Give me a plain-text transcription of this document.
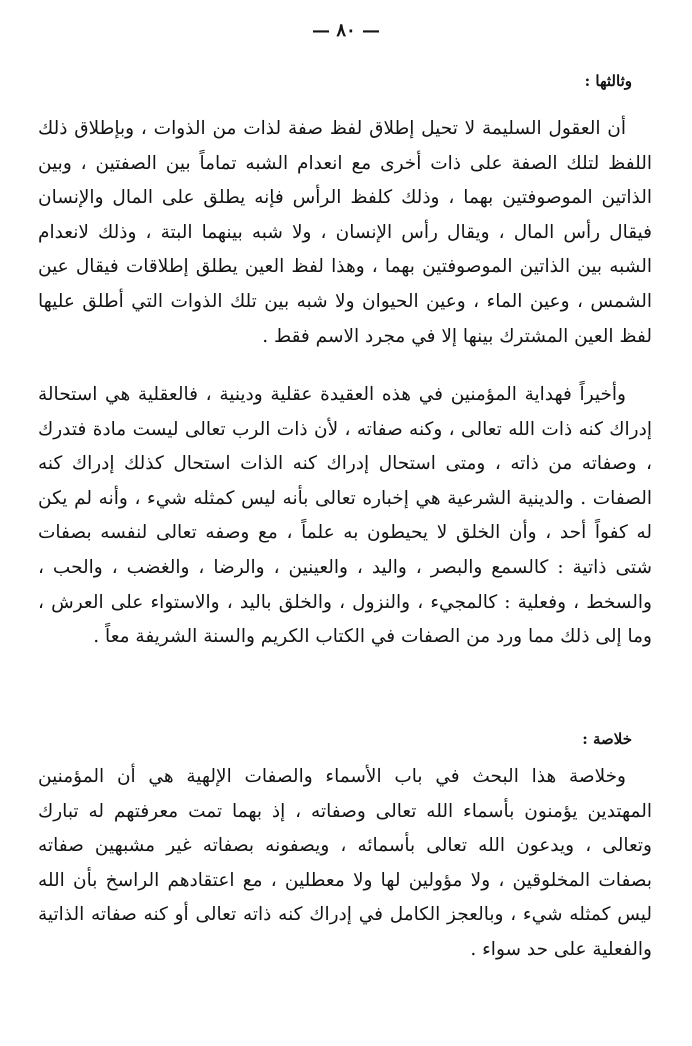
— ٨٠ —
وثالثها :

أن العقول السليمة لا تحيل إطلاق لفظ صفة لذات من الذوات ، وبإطلاق ذلك اللفظ لتلك الصفة على ذات أخرى مع انعدام الشبه تماماً بين الصفتين ، وبين الذاتين الموصوفتين بهما ، وذلك كلفظ الرأس فإنه يطلق على المال والإنسان فيقال رأس المال ، ويقال رأس الإنسان ، ولا شبه بينهما البتة ، وذلك لانعدام الشبه بين الذاتين الموصوفتين بهما ، وهذا لفظ العين يطلق إطلاقات فيقال عين الشمس ، وعين الماء ، وعين الحيوان ولا شبه بين تلك الذوات التي أطلق عليها لفظ العين المشترك بينها إلا في مجرد الاسم فقط .

وأخيراً فهداية المؤمنين في هذه العقيدة عقلية ودينية ، فالعقلية هي استحالة إدراك كنه ذات الله تعالى ، وكنه صفاته ، لأن ذات الرب تعالى ليست مادة فتدرك ، وصفاته من ذاته ، ومتى استحال إدراك كنه الذات استحال كذلك إدراك كنه الصفات . والدينية الشرعية هي إخباره تعالى بأنه ليس كمثله شيء ، وأنه لم يكن له كفواً أحد ، وأن الخلق لا يحيطون به علماً ، مع وصفه تعالى لنفسه بصفات شتى ذاتية : كالسمع والبصر ، واليد ، والعينين ، والرضا ، والغضب ، والحب ، والسخط ، وفعلية : كالمجيء ، والنزول ، والخلق باليد ، والاستواء على العرش ، وما إلى ذلك مما ورد من الصفات في الكتاب الكريم والسنة الشريفة معاً .

خلاصة :

وخلاصة هذا البحث في باب الأسماء والصفات الإلهية هي أن المؤمنين المهتدين يؤمنون بأسماء الله تعالى وصفاته ، إذ بهما تمت معرفتهم له تبارك وتعالى ، ويدعون الله تعالى بأسمائه ، ويصفونه بصفاته غير مشبهين صفاته بصفات المخلوقين ، ولا مؤولين لها ولا معطلين ، مع اعتقادهم الراسخ بأن الله ليس كمثله شيء ، وبالعجز الكامل في إدراك كنه ذاته تعالى أو كنه صفاته الذاتية والفعلية على حد سواء .
